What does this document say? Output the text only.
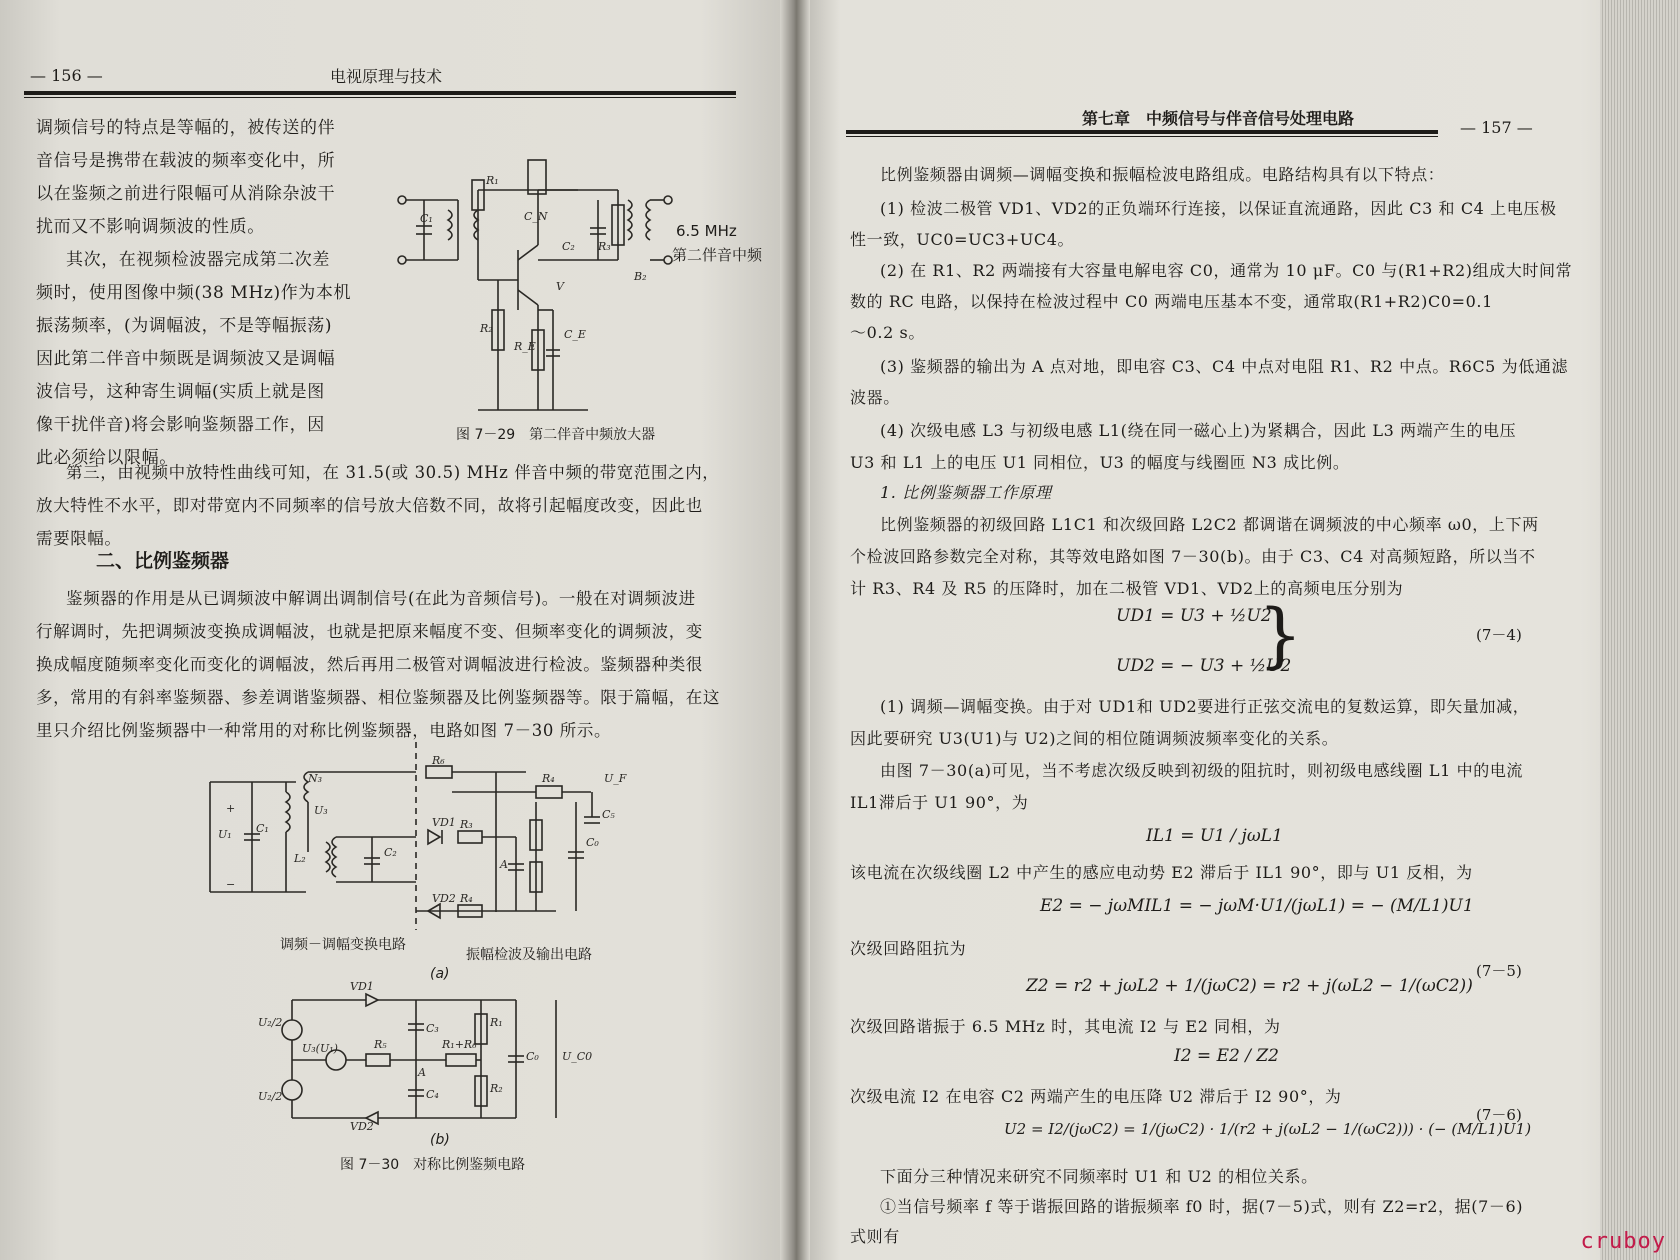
— 156 —	电视原理与技术
调频信号的特点是等幅的，被传送的伴
音信号是携带在载波的频率变化中，所
以在鉴频之前进行限幅可从消除杂波干
扰而又不影响调频波的性质。
其次，在视频检波器完成第二次差
频时，使用图像中频(38 MHz)作为本机
振荡频率，(为调幅波，不是等幅振荡)
因此第二伴音中频既是调频波又是调幅
波信号，这种寄生调幅(实质上就是图
像干扰伴音)将会影响鉴频器工作，因
此必须给以限幅。
第三，由视频中放特性曲线可知，在 31.5(或 30.5) MHz 伴音中频的带宽范围之内，
放大特性不水平，即对带宽内不同频率的信号放大倍数不同，故将引起幅度改变，因此也
需要限幅。
二、比例鉴频器
鉴频器的作用是从已调频波中解调出调制信号(在此为音频信号)。一般在对调频波进
行解调时，先把调频波变换成调幅波，也就是把原来幅度不变、但频率变化的调频波，变
换成幅度随频率变化而变化的调幅波，然后再用二极管对调幅波进行检波。鉴频器种类很
多，常用的有斜率鉴频器、参差调谐鉴频器、相位鉴频器及比例鉴频器等。限于篇幅，在这
里只介绍比例鉴频器中一种常用的对称比例鉴频器，电路如图 7－30 所示。
C₁
R₁
C_N
C₂ R₃
B₂
V
R₂
R_E
C_E
6.5 MHz
第二伴音中频
图 7－29　第二伴音中频放大器
U₁
+
−
C₁
N₃
U₃
L₂	C₂
R₆
R₄
C₅
U_F
R₃
R₄
VD1
VD2
A
C₀
调频－调幅变换电路
振幅检波及输出电路
(a)
U₂/2
U₂/2
U₃(U₁)	R₅
C₃
C₄
R₁+R₆
R₁
R₂
C₀ U_C0
VD1
VD2
A
(b)
图 7－30　对称比例鉴频电路
第七章　中频信号与伴音信号处理电路	— 157 —
比例鉴频器由调频—调幅变换和振幅检波电路组成。电路结构具有以下特点：
(1) 检波二极管 VD1、VD2的正负端环行连接，以保证直流通路，因此 C3 和 C4 上电压极
性一致，UC0=UC3+UC4。
(2) 在 R1、R2 两端接有大容量电解电容 C0，通常为 10 μF。C0 与(R1+R2)组成大时间常
数的 RC 电路，以保持在检波过程中 C0 两端电压基本不变，通常取(R1+R2)C0=0.1
～0.2 s。
(3) 鉴频器的输出为 A 点对地，即电容 C3、C4 中点对电阻 R1、R2 中点。R6C5 为低通滤
波器。
(4) 次级电感 L3 与初级电感 L1(绕在同一磁心上)为紧耦合，因此 L3 两端产生的电压
U3 和 L1 上的电压 U1 同相位，U3 的幅度与线圈匝 N3 成比例。
1. 比例鉴频器工作原理
比例鉴频器的初级回路 L1C1 和次级回路 L2C2 都调谐在调频波的中心频率 ω0，上下两
个检波回路参数完全对称，其等效电路如图 7－30(b)。由于 C3、C4 对高频短路，所以当不
计 R3、R4 及 R5 的压降时，加在二极管 VD1、VD2上的高频电压分别为
UD1 = U3 + ½U2
UD2 = − U3 + ½U2
}	(7－4)
(1) 调频—调幅变换。由于对 UD1和 UD2要进行正弦交流电的复数运算，即矢量加减，
因此要研究 U3(U1)与 U2)之间的相位随调频波频率变化的关系。
由图 7－30(a)可见，当不考虑次级反映到初级的阻抗时，则初级电感线圈 L1 中的电流
IL1滞后于 U1 90°，为
IL1 = U1 / jωL1
该电流在次级线圈 L2 中产生的感应电动势 E2 滞后于 IL1 90°，即与 U1 反相，为
E2 = − jωMIL1 = − jωM·U1/(jωL1) = − (M/L1)U1
次级回路阻抗为
Z2 = r2 + jωL2 + 1/(jωC2) = r2 + j(ωL2 − 1/(ωC2))
(7－5)
次级回路谐振于 6.5 MHz 时，其电流 I2 与 E2 同相，为
I2 = E2 / Z2
次级电流 I2 在电容 C2 两端产生的电压降 U2 滞后于 I2 90°，为
U2 = I2/(jωC2) = 1/(jωC2) · 1/(r2 + j(ωL2 − 1/(ωC2))) · (− (M/L1)U1)
(7－6)
下面分三种情况来研究不同频率时 U1 和 U2 的相位关系。
①当信号频率 f 等于谐振回路的谐振频率 f0 时，据(7－5)式，则有 Z2=r2，据(7－6)
式则有	cruboy
